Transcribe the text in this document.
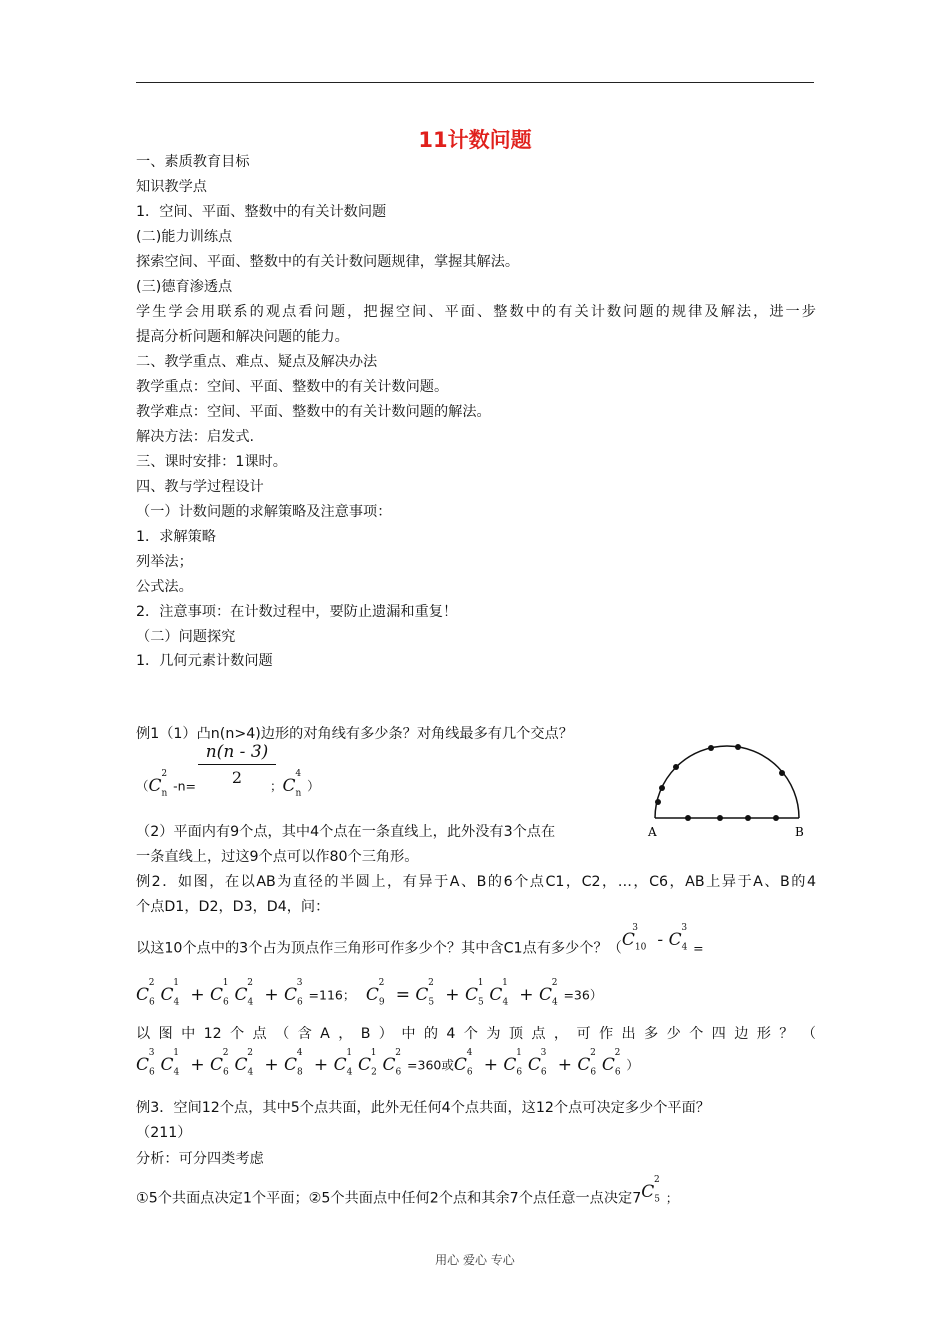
11计数问题
一、素质教育目标
知识教学点
1．空间、平面、整数中的有关计数问题
(二)能力训练点
探索空间、平面、整数中的有关计数问题规律，掌握其解法。
(三)德育渗透点
学生学会用联系的观点看问题，把握空间、平面、整数中的有关计数问题的规律及解法，进一步
提高分析问题和解决问题的能力。
二、教学重点、难点、疑点及解决办法
教学重点：空间、平面、整数中的有关计数问题。
教学难点：空间、平面、整数中的有关计数问题的解法。
解决方法：启发式.
三、课时安排：1课时。
四、教与学过程设计
（一）计数问题的求解策略及注意事项：
1．求解策略
列举法；
公式法。
2．注意事项：在计数过程中，要防止遗漏和重复！
（二）问题探究
1．几何元素计数问题
例1（1）凸n(n>4)边形的对角线有多少条？对角线最多有几个交点？
（$C_n^2-n=$
n(n - 3)
2	；$C_n^4$）
A	B
（2）平面内有9个点，其中4个点在一条直线上，此外没有3个点在
一条直线上，过这9个点可以作80个三角形。
例2．如图，在以AB为直径的半圆上，有异于A、B的6个点C1，C2，…，C6，AB上异于A、B的4
个点D1，D2，D3，D4，问：
以这10个点中的3个占为顶点作三角形可作多少个？其中含C1点有多少个？（$C_{10}^3 - C_4^3=$
$C_6^2C_4^1 + C_6^1C_4^2 + C_6^3=116$； $C_9^2 = C_5^2 + C_5^1C_4^1 + C_4^2=36$）
以图中12个点（含A，B）中的4个为顶点，可作出多少个四边形？（
$C_6^3C_4^1 + C_6^2C_4^2 + C_8^4 + C_4^1C_2^1C_6^2=360$或$C_6^4 + C_6^1C_6^3 + C_6^2C_6^2$）
例3．空间12个点，其中5个点共面，此外无任何4个点共面，这12个点可决定多少个平面？
（211）
分析：可分四类考虑
①5个共面点决定1个平面；②5个共面点中任何2个点和其余7个点任意一点决定$7C_5^2$；
用心 爱心 专心
